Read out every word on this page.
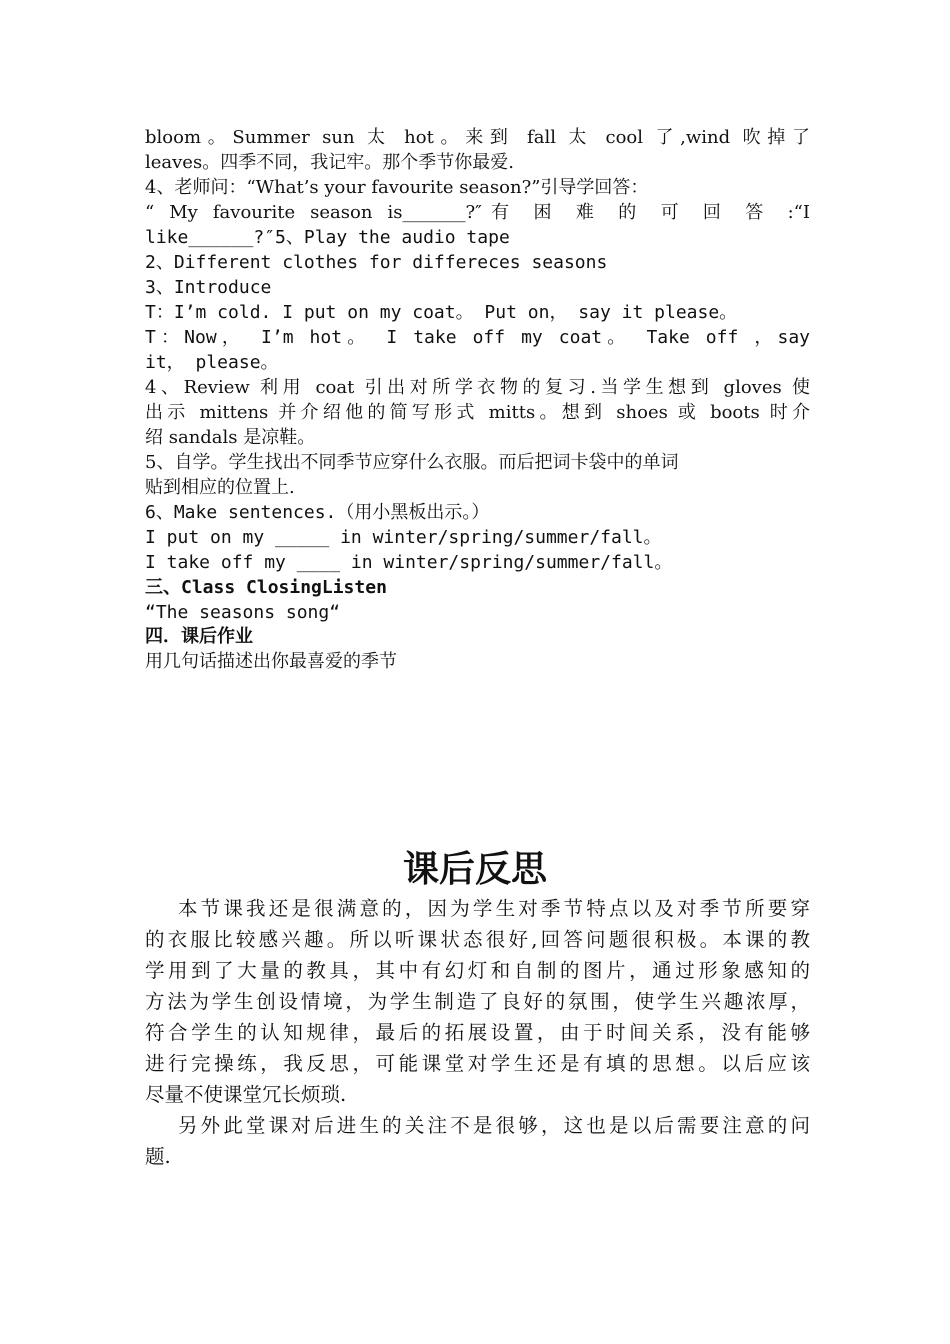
bloom。Summer sun 太 hot。来到 fall 太 cool 了,wind 吹掉了
leaves。四季不同，我记牢。那个季节你最爱.
4、老师问：“What’s your favourite season?”引导学回答：
“ My favourite season is_______?″有 困 难 的 可 回 答 :“I
like______?″5、Play the audio tape
2、Different clothes for differeces seasons
3、Introduce
T：I’m cold. I put on my coat。 Put on， say it please。
T：Now， I’m hot。 I take off my coat。 Take off ，say
it， please。
4、Review 利用 coat 引出对所学衣物的复习.当学生想到 gloves 使
出示 mittens 并介绍他的简写形式 mitts。想到 shoes 或 boots 时介
绍 sandals 是凉鞋。
5、自学。学生找出不同季节应穿什么衣服。而后把词卡袋中的单词
贴到相应的位置上.
6、Make sentences.（用小黑板出示。）
I put on my _____ in winter/spring/summer/fall。
I take off my ____ in winter/spring/summer/fall。
三、Class ClosingListen
“The seasons song“
四．课后作业
用几句话描述出你最喜爱的季节
课后反思
本节课我还是很满意的，因为学生对季节特点以及对季节所要穿
的衣服比较感兴趣。所以听课状态很好,回答问题很积极。本课的教
学用到了大量的教具，其中有幻灯和自制的图片，通过形象感知的
方法为学生创设情境，为学生制造了良好的氛围，使学生兴趣浓厚，
符合学生的认知规律，最后的拓展设置，由于时间关系，没有能够
进行完操练，我反思，可能课堂对学生还是有填的思想。以后应该
尽量不使课堂冗长烦琐.
另外此堂课对后进生的关注不是很够，这也是以后需要注意的问
题.
